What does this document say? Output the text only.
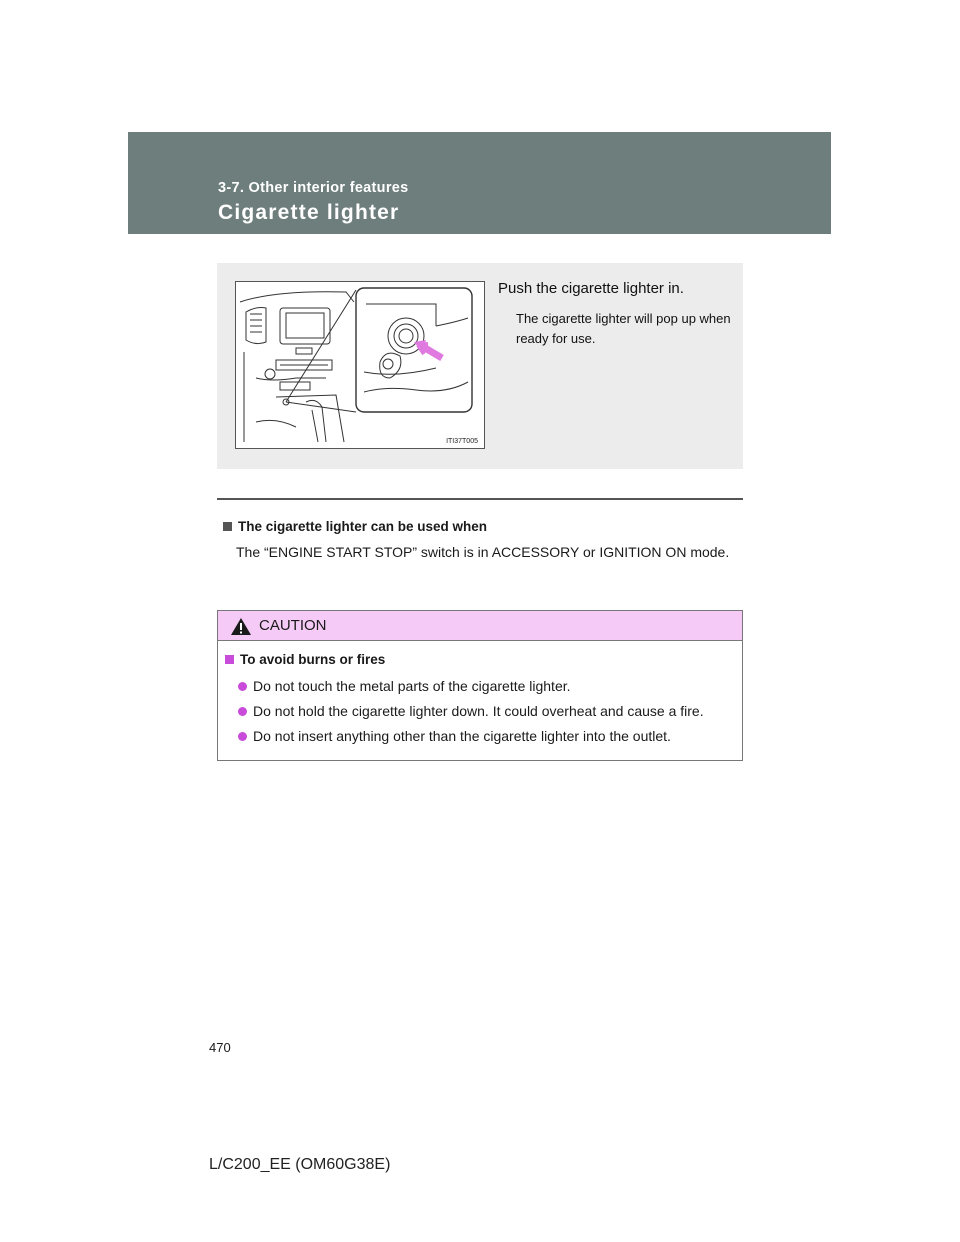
3-7. Other interior features
Cigarette lighter
ITI37T005
Push the cigarette lighter in.
The cigarette lighter will pop up when ready for use.
The cigarette lighter can be used when
The “ENGINE START STOP” switch is in ACCESSORY or IGNITION ON mode.
CAUTION
To avoid burns or fires
Do not touch the metal parts of the cigarette lighter.
Do not hold the cigarette lighter down. It could overheat and cause a fire.
Do not insert anything other than the cigarette lighter into the outlet.
470
L/C200_EE (OM60G38E)
